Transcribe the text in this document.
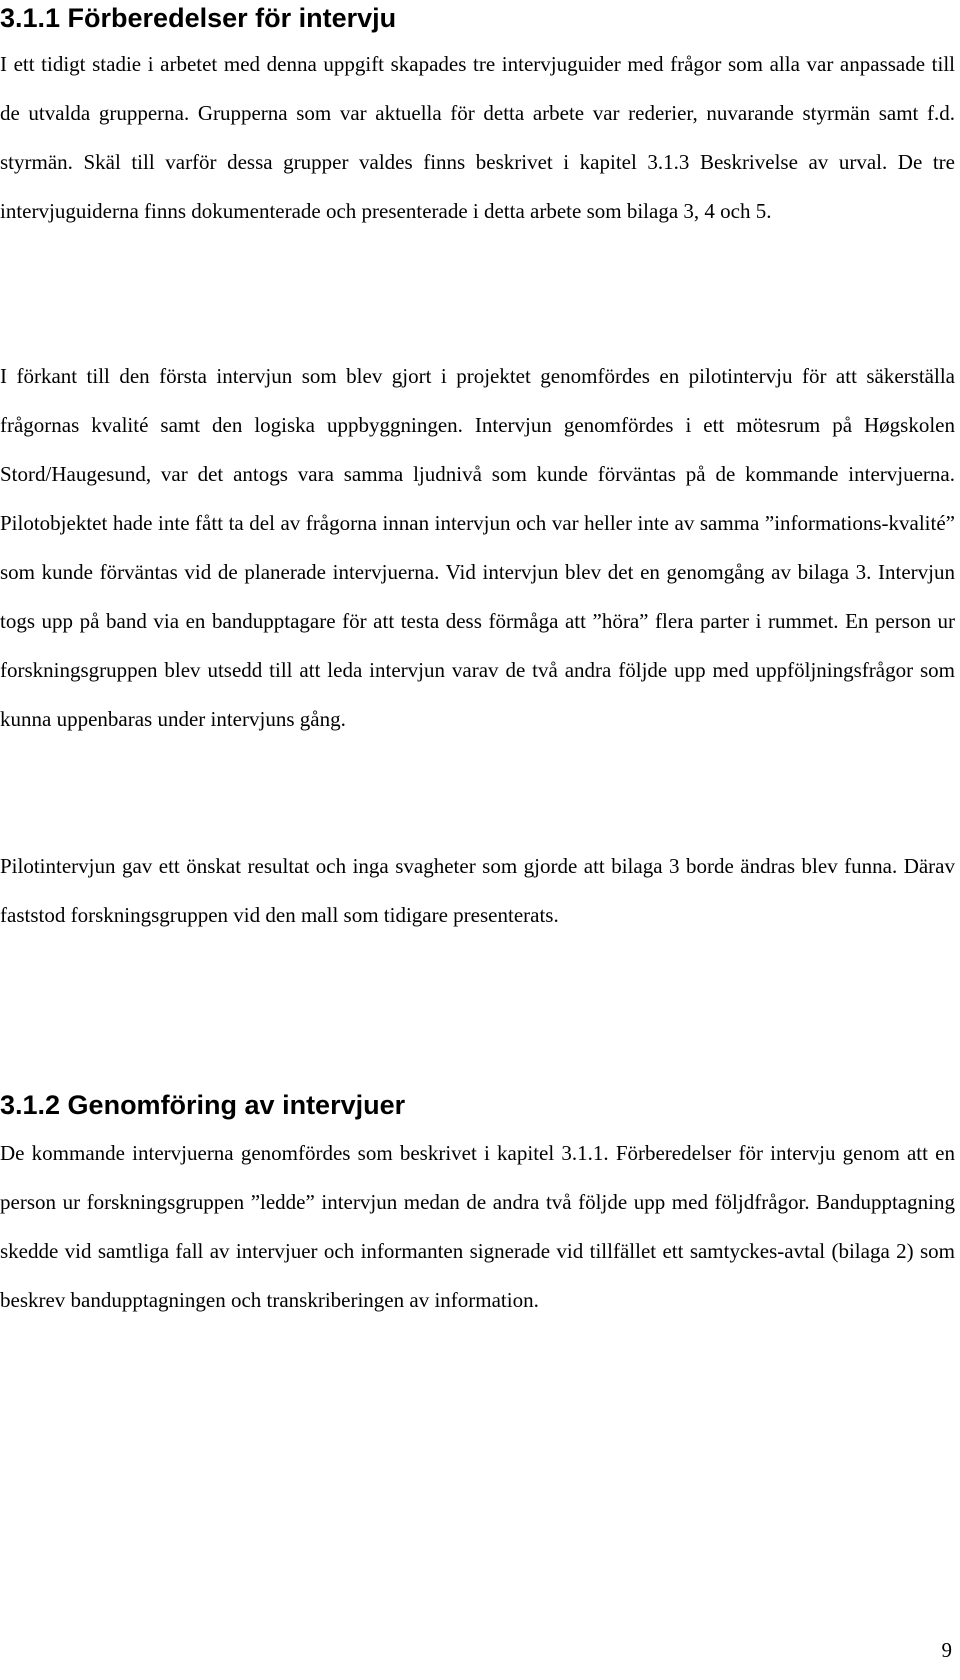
3.1.1 Förberedelser för intervju

I ett tidigt stadie i arbetet med denna uppgift skapades tre intervjuguider med frågor som alla var anpassade till de utvalda grupperna. Grupperna som var aktuella för detta arbete var rederier, nuvarande styrmän samt f.d. styrmän. Skäl till varför dessa grupper valdes finns beskrivet i kapitel 3.1.3 Beskrivelse av urval. De tre intervjuguiderna finns dokumenterade och presenterade i detta arbete som bilaga 3, 4 och 5.

I förkant till den första intervjun som blev gjort i projektet genomfördes en pilotintervju för att säkerställa frågornas kvalité samt den logiska uppbyggningen. Intervjun genomfördes i ett mötesrum på Høgskolen Stord/Haugesund, var det antogs vara samma ljudnivå som kunde förväntas på de kommande intervjuerna. Pilotobjektet hade inte fått ta del av frågorna innan intervjun och var heller inte av samma ”informations-kvalité” som kunde förväntas vid de planerade intervjuerna. Vid intervjun blev det en genomgång av bilaga 3. Intervjun togs upp på band via en bandupptagare för att testa dess förmåga att ”höra” flera parter i rummet. En person ur forskningsgruppen blev utsedd till att leda intervjun varav de två andra följde upp med uppföljningsfrågor som kunna uppenbaras under intervjuns gång.

Pilotintervjun gav ett önskat resultat och inga svagheter som gjorde att bilaga 3 borde ändras blev funna. Därav faststod forskningsgruppen vid den mall som tidigare presenterats.

3.1.2 Genomföring av intervjuer

De kommande intervjuerna genomfördes som beskrivet i kapitel 3.1.1. Förberedelser för intervju genom att en person ur forskningsgruppen ”ledde” intervjun medan de andra två följde upp med följdfrågor. Bandupptagning skedde vid samtliga fall av intervjuer och informanten signerade vid tillfället ett samtyckes-avtal (bilaga 2) som beskrev bandupptagningen och transkriberingen av information.

9
